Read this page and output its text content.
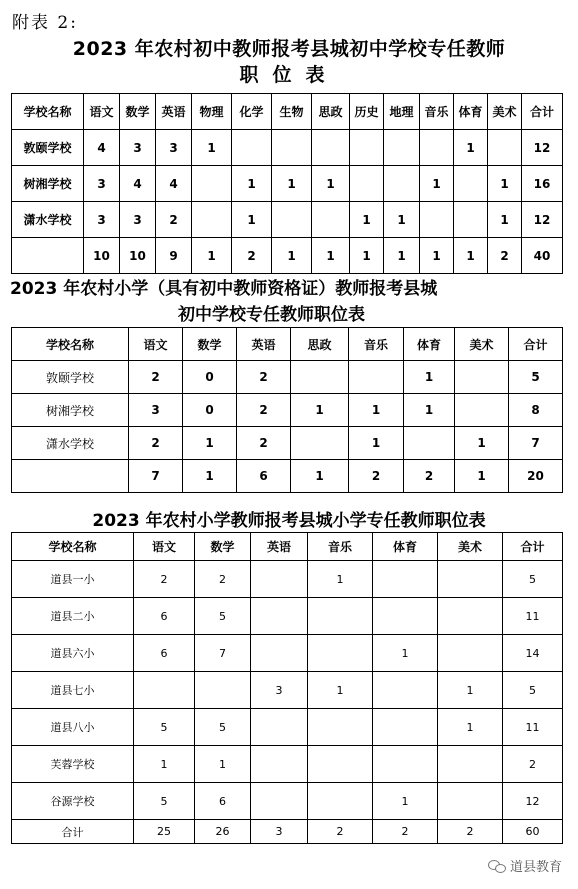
附表 2:
2023 年农村初中教师报考县城初中学校专任教师
职位表
学校名称	语文	数学	英语	物理	化学	生物	思政	历史	地理	音乐	体育	美术	合计
敦颐学校	4	3	3	1							1		12
树湘学校	3	4	4		1	1	1			1		1	16
潇水学校	3	3	2		1			1	1			1	12
	10	10	9	1	2	1	1	1	1	1	1	2	40
2023 年农村小学（具有初中教师资格证）教师报考县城
初中学校专任教师职位表
学校名称	语文	数学	英语	思政	音乐	体育	美术	合计
敦颐学校	2	0	2			1		5
树湘学校	3	0	2	1	1	1		8
潇水学校	2	1	2		1		1	7
	7	1	6	1	2	2	1	20
2023 年农村小学教师报考县城小学专任教师职位表
学校名称	语文	数学	英语	音乐	体育	美术	合计
道县一小	2	2		1			5
道县二小	6	5					11
道县六小	6	7			1		14
道县七小			3	1		1	5
道县八小	5	5				1	11
芙蓉学校	1	1					2
谷源学校	5	6			1		12
合计	25	26	3	2	2	2	60
道县教育
